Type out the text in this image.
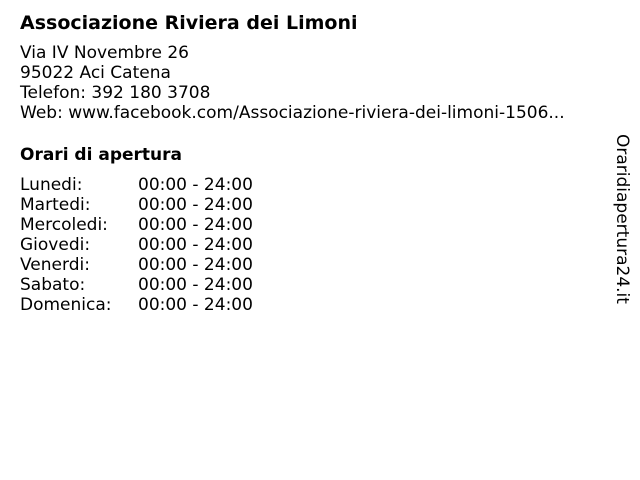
Associazione Riviera dei Limoni
Via IV Novembre 26
95022 Aci Catena
Telefon: 392 180 3708
Web: www.facebook.com/Associazione-riviera-dei-limoni-1506...
Orari di apertura
Lunedi:	00:00 - 24:00
Martedi:	00:00 - 24:00
Mercoledi:	00:00 - 24:00
Giovedi:	00:00 - 24:00
Venerdi:	00:00 - 24:00
Sabato:	00:00 - 24:00
Domenica:	00:00 - 24:00
Oraridiapertura24.it
